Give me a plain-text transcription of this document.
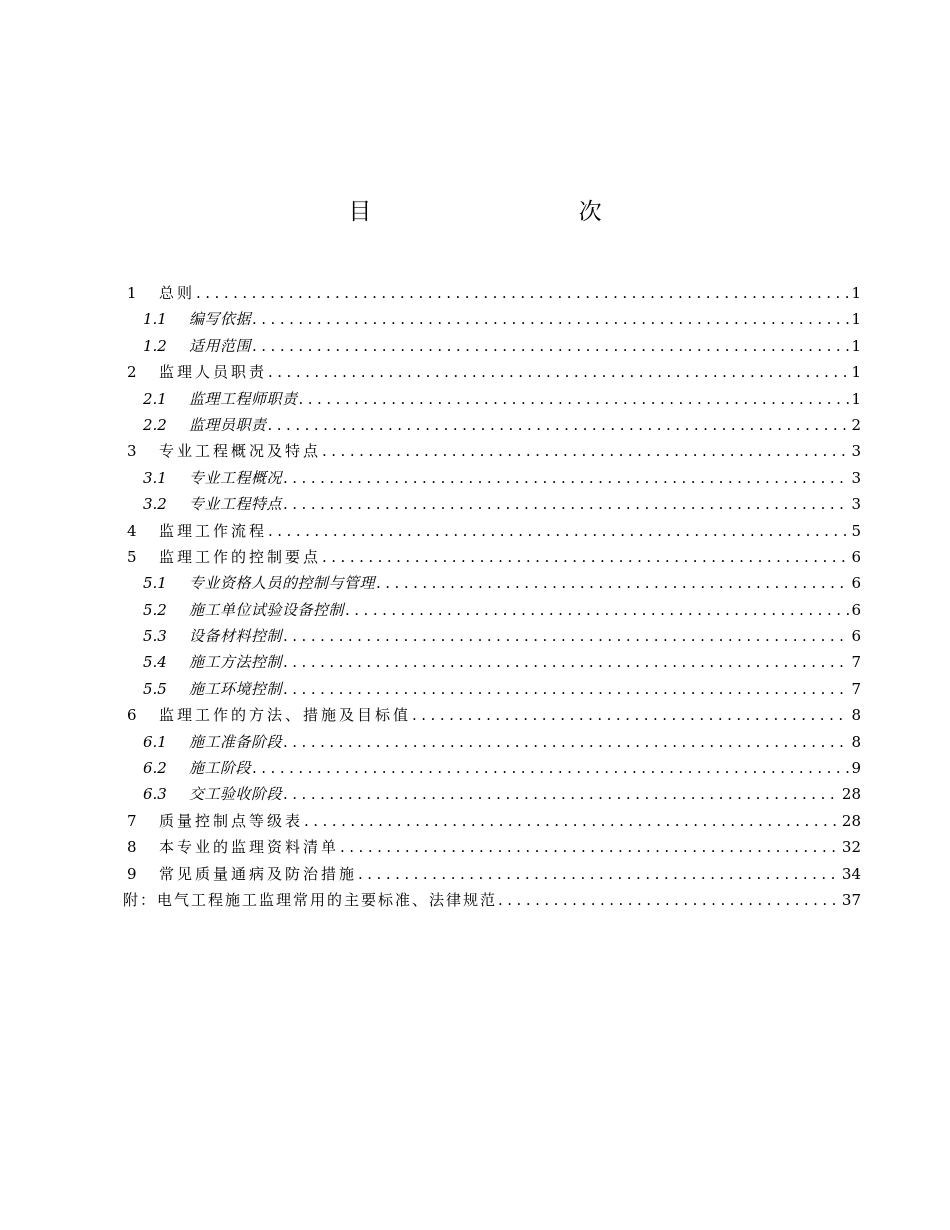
目 次
1	总则 .....	1
1.1	编写依据 .....	1
1.2	适用范围 .....	1
2	监理人员职责 .....	1
2.1	监理工程师职责 .....	1
2.2	监理员职责 .....	2
3	专业工程概况及特点 .....	3
3.1	专业工程概况 .....	3
3.2	专业工程特点 .....	3
4	监理工作流程 .....	5
5	监理工作的控制要点 .....	6
5.1	专业资格人员的控制与管理 .....	6
5.2	施工单位试验设备控制 .....	6
5.3	设备材料控制 .....	6
5.4	施工方法控制 .....	7
5.5	施工环境控制 .....	7
6	监理工作的方法、措施及目标值 .....	8
6.1	施工准备阶段 .....	8
6.2	施工阶段 .....	9
6.3	交工验收阶段 .....	28
7	质量控制点等级表 .....	28
8	本专业的监理资料清单 .....	32
9	常见质量通病及防治措施 .....	34
附：电气工程施工监理常用的主要标准、法律规范 .....	37
